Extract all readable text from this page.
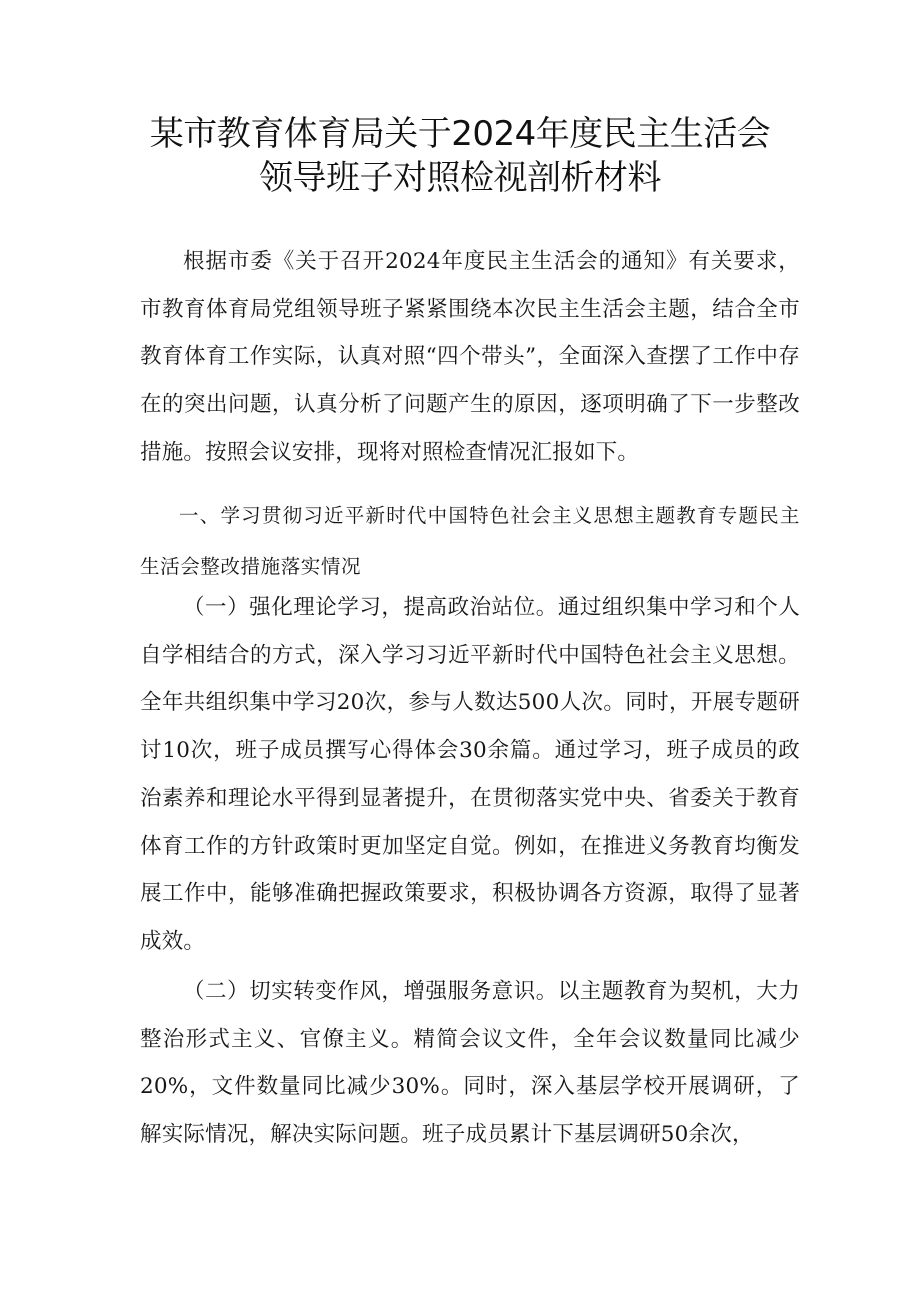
某市教育体育局关于2024年度民主生活会
领导班子对照检视剖析材料

根据市委《关于召开2024年度民主生活会的通知》有关要求，市教育体育局党组领导班子紧紧围绕本次民主生活会主题，结合全市教育体育工作实际，认真对照“四个带头”，全面深入查摆了工作中存在的突出问题，认真分析了问题产生的原因，逐项明确了下一步整改措施。按照会议安排，现将对照检查情况汇报如下。

一、学习贯彻习近平新时代中国特色社会主义思想主题教育专题民主生活会整改措施落实情况

（一）强化理论学习，提高政治站位。通过组织集中学习和个人自学相结合的方式，深入学习习近平新时代中国特色社会主义思想。全年共组织集中学习20次，参与人数达500人次。同时，开展专题研讨10次，班子成员撰写心得体会30余篇。通过学习，班子成员的政治素养和理论水平得到显著提升，在贯彻落实党中央、省委关于教育体育工作的方针政策时更加坚定自觉。例如，在推进义务教育均衡发展工作中，能够准确把握政策要求，积极协调各方资源，取得了显著成效。

（二）切实转变作风，增强服务意识。以主题教育为契机，大力整治形式主义、官僚主义。精简会议文件，全年会议数量同比减少20%，文件数量同比减少30%。同时，深入基层学校开展调研，了解实际情况，解决实际问题。班子成员累计下基层调研50余次，
